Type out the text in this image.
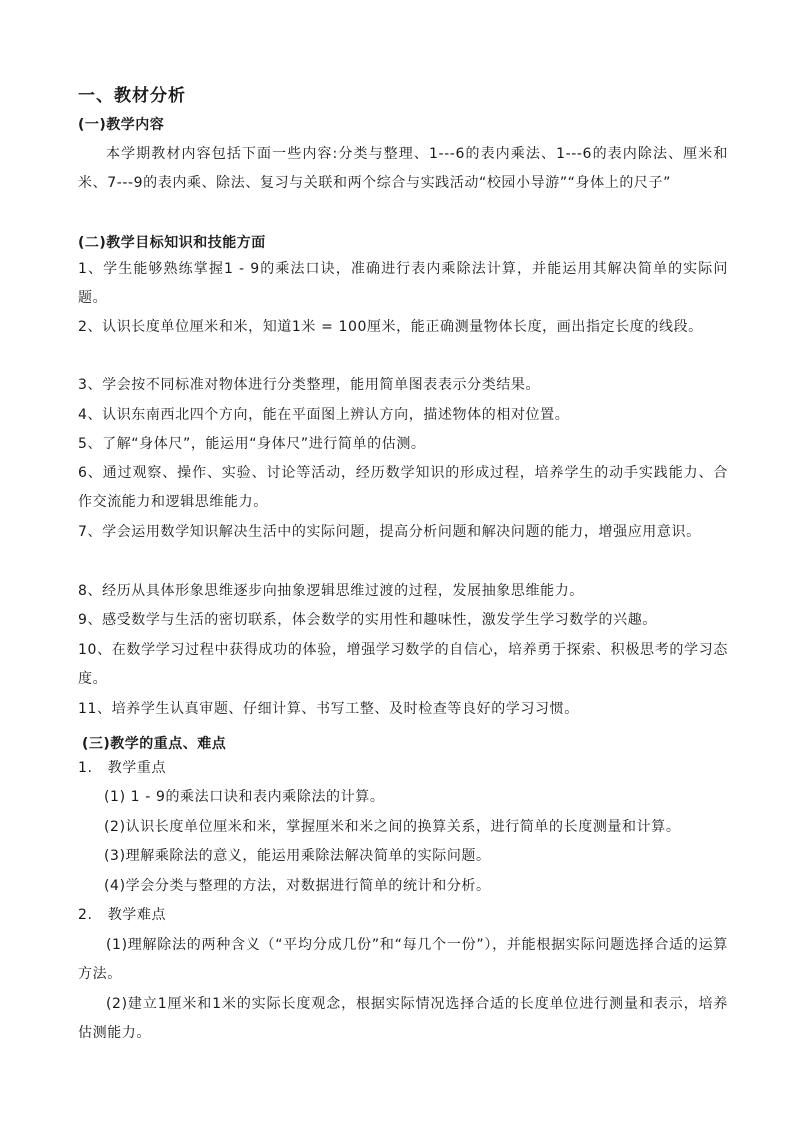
一、教材分析
(一)教学内容

本学期教材内容包括下面一些内容:分类与整理、1---6的表内乘法、1---6的表内除法、厘米和米、7---9的表内乘、除法、复习与关联和两个综合与实践活动“校园小导游”“身体上的尺子”

(二)教学目标知识和技能方面

1、学生能够熟练掌握1 - 9的乘法口诀，准确进行表内乘除法计算，并能运用其解决简单的实际问题。

2、认识长度单位厘米和米，知道1米 = 100厘米，能正确测量物体长度，画出指定长度的线段。

3、学会按不同标准对物体进行分类整理，能用简单图表表示分类结果。

4、认识东南西北四个方向，能在平面图上辨认方向，描述物体的相对位置。

5、了解“身体尺”，能运用“身体尺”进行简单的估测。

6、通过观察、操作、实验、讨论等活动，经历数学知识的形成过程，培养学生的动手实践能力、合作交流能力和逻辑思维能力。

7、学会运用数学知识解决生活中的实际问题，提高分析问题和解决问题的能力，增强应用意识。

8、经历从具体形象思维逐步向抽象逻辑思维过渡的过程，发展抽象思维能力。

9、感受数学与生活的密切联系，体会数学的实用性和趣味性，激发学生学习数学的兴趣。

10、在数学学习过程中获得成功的体验，增强学习数学的自信心，培养勇于探索、积极思考的学习态度。

11、培养学生认真审题、仔细计算、书写工整、及时检查等良好的学习习惯。

(三)教学的重点、难点

1.   教学重点

(1) 1 - 9的乘法口诀和表内乘除法的计算。

(2)认识长度单位厘米和米，掌握厘米和米之间的换算关系，进行简单的长度测量和计算。

(3)理解乘除法的意义，能运用乘除法解决简单的实际问题。

(4)学会分类与整理的方法，对数据进行简单的统计和分析。

2.   教学难点

(1)理解除法的两种含义（“平均分成几份”和“每几个一份”），并能根据实际问题选择合适的运算方法。

(2)建立1厘米和1米的实际长度观念，根据实际情况选择合适的长度单位进行测量和表示，培养估测能力。
